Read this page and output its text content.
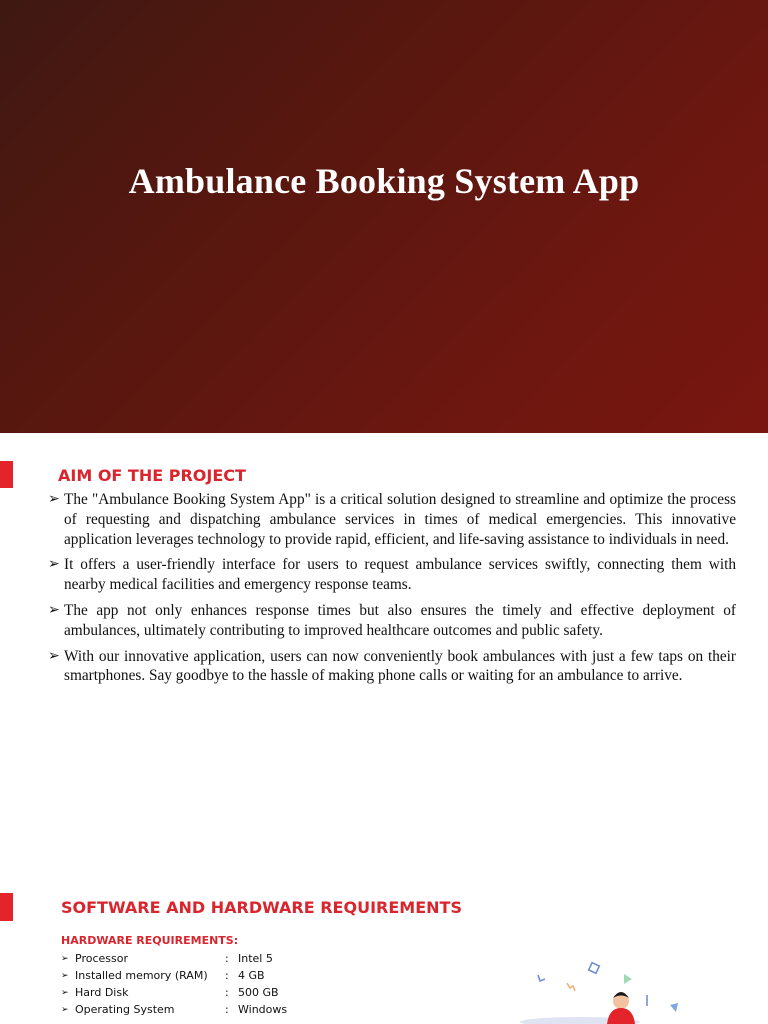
Ambulance Booking System App
AIM OF THE PROJECT
➢ The "Ambulance Booking System App" is a critical solution designed to streamline and optimize the process of requesting and dispatching ambulance services in times of medical emergencies. This innovative application leverages technology to provide rapid, efficient, and life-saving assistance to individuals in need.
➢ It offers a user-friendly interface for users to request ambulance services swiftly, connecting them with nearby medical facilities and emergency response teams.
➢ The app not only enhances response times but also ensures the timely and effective deployment of ambulances, ultimately contributing to improved healthcare outcomes and public safety.
➢ With our innovative application, users can now conveniently book ambulances with just a few taps on their smartphones. Say goodbye to the hassle of making phone calls or waiting for an ambulance to arrive.
SOFTWARE AND HARDWARE REQUIREMENTS
HARDWARE REQUIREMENTS:
➢	Processor	:	Intel 5
➢	Installed memory (RAM)	:	4 GB
➢	Hard Disk	:	500 GB
➢	Operating System	:	Windows
